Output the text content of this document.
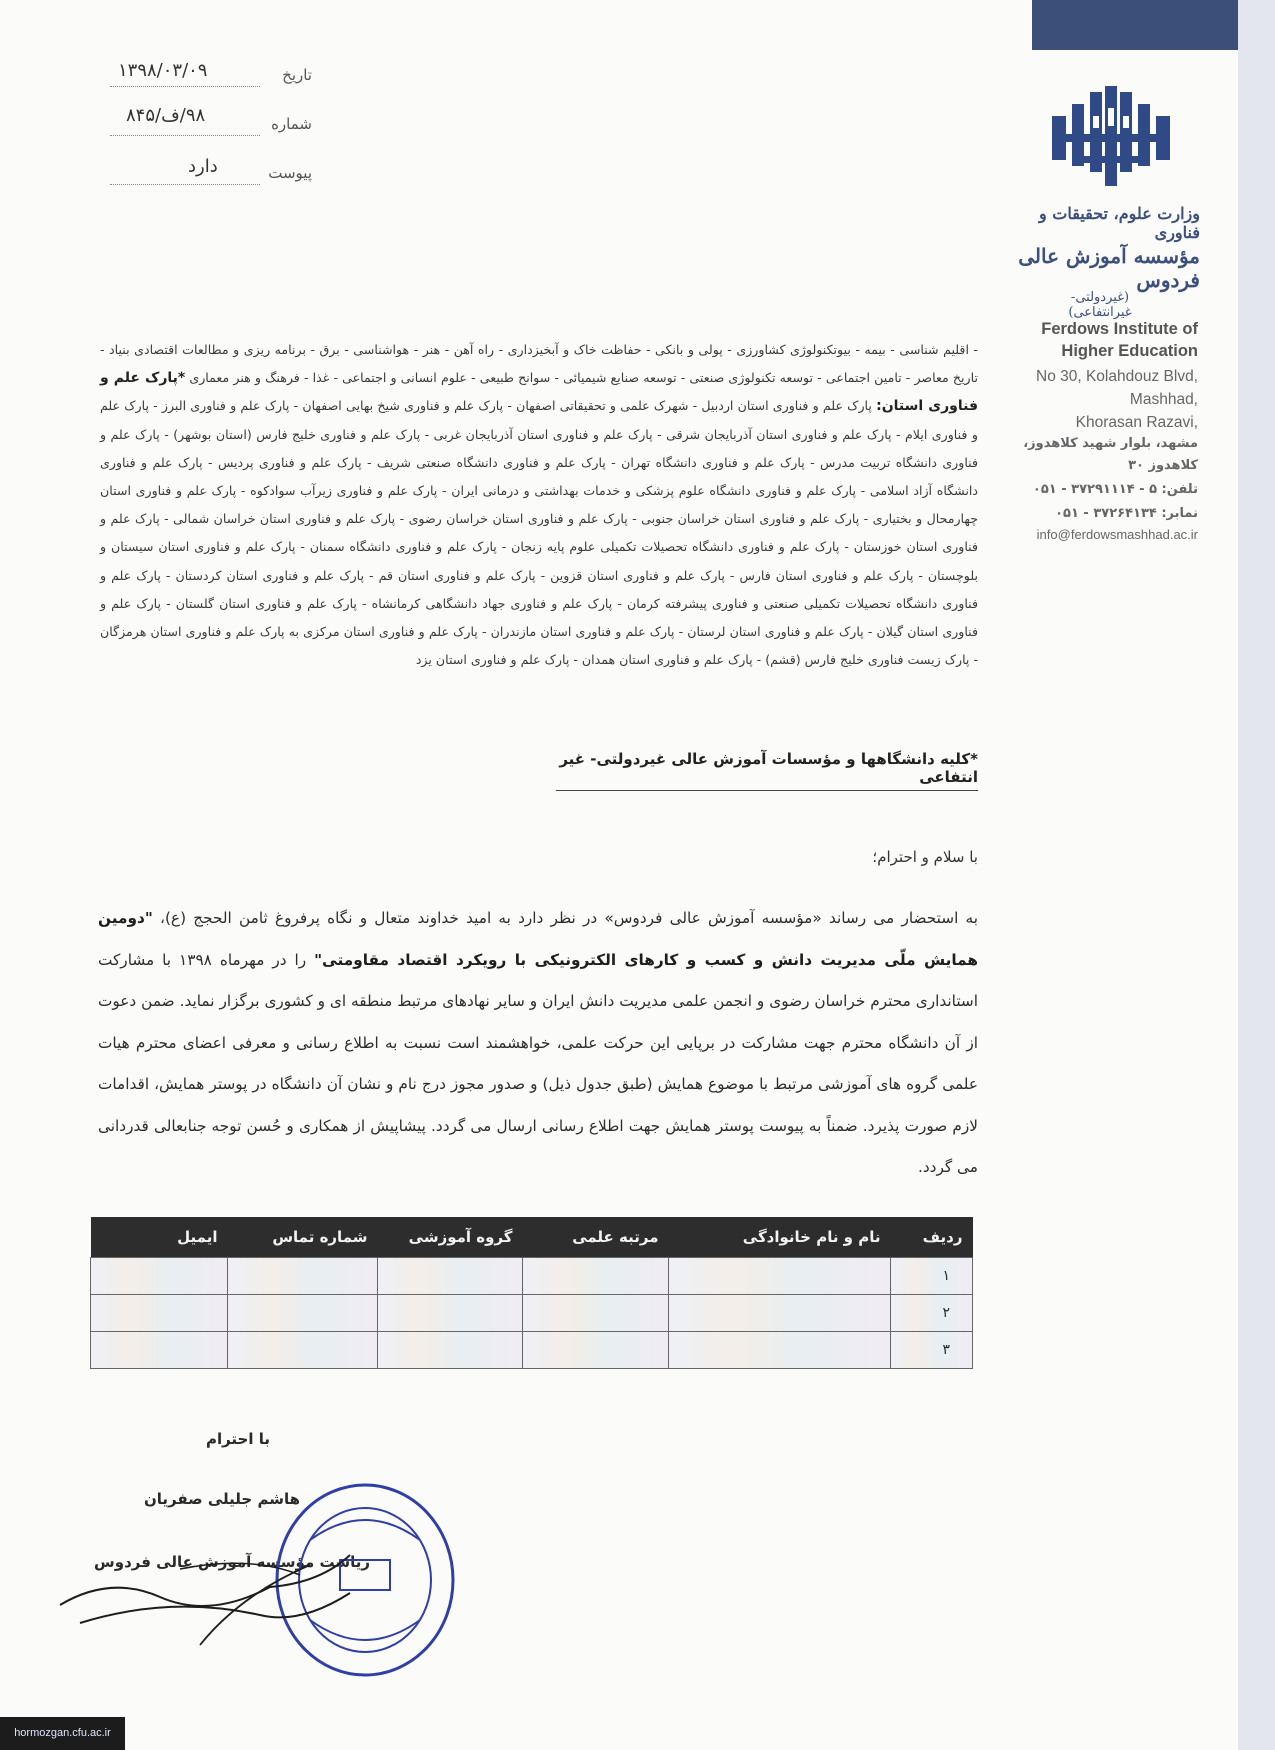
تاریخ
۱۳۹۸/۰۳/۰۹
شماره
۹۸/ف/۸۴۵
پیوست
دارد
وزارت علوم، تحقیقات و فناوری
مؤسسه آموزش عالی فردوس
(غیردولتی-غیرانتفاعی)
Ferdows Institute of
Higher Education
No 30, Kolahdouz Blvd,
Mashhad,
Khorasan Razavi,
مشهد، بلوار شهید کلاهدوز،
کلاهدوز ۳۰
تلفن: ۵ - ۳۷۲۹۱۱۱۴ - ۰۵۱
نمابر: ۳۷۲۶۴۱۳۴ - ۰۵۱
info@ferdowsmashhad.ac.ir
- اقلیم شناسی - بیمه - بیوتکنولوژی کشاورزی - پولی و بانکی - حفاظت خاک و آبخیزداری - راه آهن - هنر - هواشناسی - برق - برنامه ریزی و مطالعات اقتصادی بنیاد - تاریخ معاصر - تامین اجتماعی - توسعه تکنولوژی صنعتی - توسعه صنایع شیمیائی - سوانح طبیعی - علوم انسانی و اجتماعی - غذا - فرهنگ و هنر معماری *پارک علم و فناوری استان: پارک علم و فناوری استان اردبیل - شهرک علمی و تحقیقاتی اصفهان - پارک علم و فناوری شیخ بهایی اصفهان - پارک علم و فناوری البرز - پارک علم و فناوری ایلام - پارک علم و فناوری استان آذربایجان شرقی - پارک علم و فناوری استان آذربایجان غربی - پارک علم و فناوری خلیج فارس (استان بوشهر) - پارک علم و فناوری دانشگاه تربیت مدرس - پارک علم و فناوری دانشگاه تهران - پارک علم و فناوری دانشگاه صنعتی شریف - پارک علم و فناوری پردیس - پارک علم و فناوری دانشگاه آزاد اسلامی - پارک علم و فناوری دانشگاه علوم پزشکی و خدمات بهداشتی و درمانی ایران - پارک علم و فناوری زیرآب سوادکوه - پارک علم و فناوری استان چهارمحال و بختیاری - پارک علم و فناوری استان خراسان جنوبی - پارک علم و فناوری استان خراسان رضوی - پارک علم و فناوری استان خراسان شمالی - پارک علم و فناوری استان خوزستان - پارک علم و فناوری دانشگاه تحصیلات تکمیلی علوم پایه زنجان - پارک علم و فناوری دانشگاه سمنان - پارک علم و فناوری استان سیستان و بلوچستان - پارک علم و فناوری استان فارس - پارک علم و فناوری استان قزوین - پارک علم و فناوری استان قم - پارک علم و فناوری استان کردستان - پارک علم و فناوری دانشگاه تحصیلات تکمیلی صنعتی و فناوری پیشرفته کرمان - پارک علم و فناوری جهاد دانشگاهی کرمانشاه - پارک علم و فناوری استان گلستان - پارک علم و فناوری استان گیلان - پارک علم و فناوری استان لرستان - پارک علم و فناوری استان مازندران - پارک علم و فناوری استان مرکزی به پارک علم و فناوری استان هرمزگان - پارک زیست فناوری خلیج فارس (قشم) - پارک علم و فناوری استان همدان - پارک علم و فناوری استان یزد
*کلیه دانشگاهها و مؤسسات آموزش عالی غیردولتی- غیر انتفاعی
با سلام و احترام؛
به استحضار می رساند «مؤسسه آموزش عالی فردوس» در نظر دارد به امید خداوند متعال و نگاه پرفروغ ثامن الحجج (ع)، "دومین همایش ملّی مدیریت دانش و کسب و کارهای الکترونیکی با رویکرد اقتصاد مقاومتی" را در مهرماه ۱۳۹۸ با مشارکت استانداری محترم خراسان رضوی و انجمن علمی مدیریت دانش ایران و سایر نهادهای مرتبط منطقه ای و کشوری برگزار نماید. ضمن دعوت از آن دانشگاه محترم جهت مشارکت در برپایی این حرکت علمی، خواهشمند است نسبت به اطلاع رسانی و معرفی اعضای محترم هیات علمی گروه های آموزشی مرتبط با موضوع همایش (طبق جدول ذیل) و صدور مجوز درج نام و نشان آن دانشگاه در پوستر همایش، اقدامات لازم صورت پذیرد. ضمناً به پیوست پوستر همایش جهت اطلاع رسانی ارسال می گردد. پیشاپیش از همکاری و حُسن توجه جنابعالی قدردانی می گردد.
ردیف	نام و نام خانوادگی	مرتبه علمی	گروه آموزشی	شماره تماس	ایمیل
۱					
۲					
۳					
با احترام
هاشم جلیلی صفریان
ریاست مؤسسه آموزش عالی فردوس
hormozgan.cfu.ac.ir
